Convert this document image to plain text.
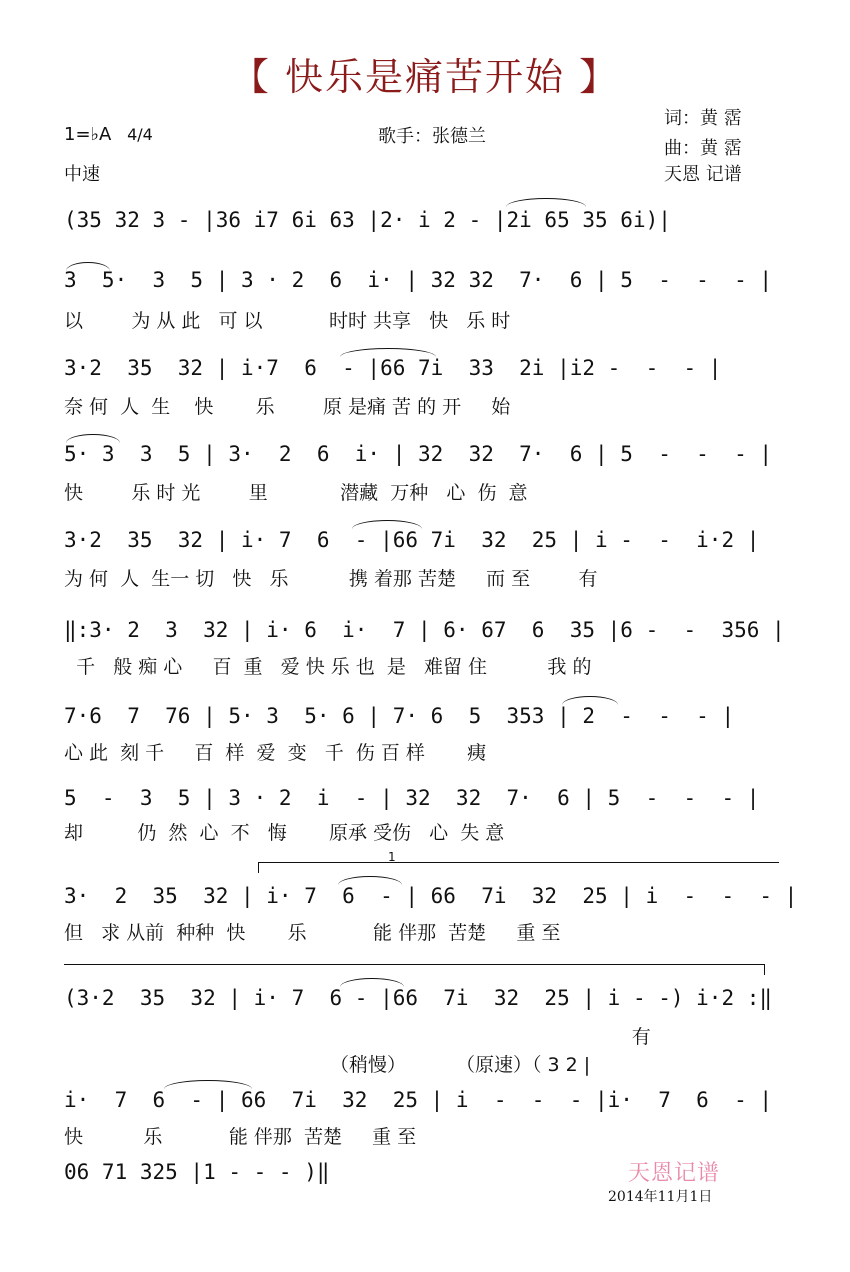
【 快乐是痛苦开始 】
1=♭A 4/4
中速
歌手：张德兰
词：黄 霑
曲：黄 霑
天恩 记谱
(35 32 3 - |36 i7 6i 63 |2· i 2 - |2i 65 35 6i)|
3  5·  3  5 | 3 · 2  6  i· | 32 32  7·  6 | 5  -  -  - |
以        为 从 此   可 以           时时 共享   快   乐 时
3·2  35  32 | i·7  6  - |66 7i  33  2i |i2 -  -  - |
奈 何  人  生    快       乐        原 是痛 苦 的 开     始
5· 3  3  5 | 3·  2  6  i· | 32  32  7·  6 | 5  -  -  - |
快        乐 时 光        里            潜藏  万种   心  伤  意
3·2  35  32 | i· 7  6  - |66 7i  32  25 | i -  -  i·2 |
为 何  人  生一 切   快   乐          携 着那 苦楚     而 至        有
‖:3· 2  3  32 | i· 6  i·  7 | 6· 67  6  35 |6 -  -  356 |
千   般 痴 心     百  重   爱 快 乐 也  是   难留 住          我 的
7·6  7  76 | 5· 3  5· 6 | 7· 6  5  353 | 2  -  -  - |
心 此  刻 千     百  样  爱  变   千  伤 百 样       痍
5  -  3  5 | 3 · 2  i  - | 32  32  7·  6 | 5  -  -  - |
却         仍  然  心  不   悔       原承 受伤   心  失 意
1
3·  2  35  32 | i· 7  6  - | 66  7i  32  25 | i  -  -  - |
但   求 从前  种种  快       乐           能 伴那  苦楚     重 至
(3·2  35  32 | i· 7  6 - |66  7i  32  25 | i - -) i·2 :‖
有
（稍慢）	（原速）（ 3 2 |
i·  7  6  - | 66  7i  32  25 | i  -  -  - |i·  7  6  - |
快          乐           能 伴那  苦楚     重 至
06 71 325 |1 - - - )‖	天恩记谱
2014年11月1日
